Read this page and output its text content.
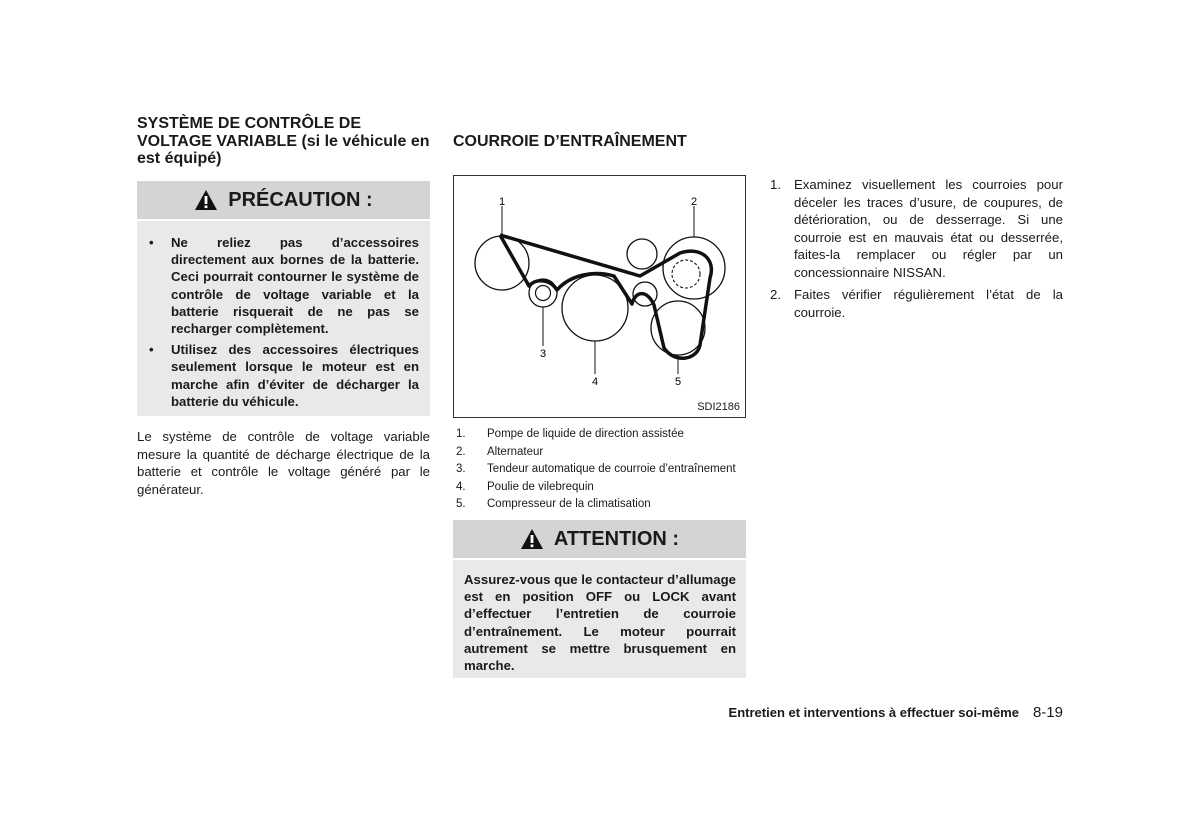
SYSTÈME DE CONTRÔLE DE VOLTAGE VARIABLE (si le véhicule en est équipé)
PRÉCAUTION :
• Ne reliez pas d’accessoires directement aux bornes de la batterie. Ceci pourrait contourner le système de contrôle de voltage variable et la batterie risquerait de ne pas se recharger complètement.
• Utilisez des accessoires électriques seulement lorsque le moteur est en marche afin d’éviter de décharger la batterie du véhicule.

Le système de contrôle de voltage variable mesure la quantité de décharge électrique de la batterie et contrôle le voltage généré par le générateur.

COURROIE D’ENTRAÎNEMENT
1	2
3
4	5
SDI2186
1.	Pompe de liquide de direction assistée
2.	Alternateur
3.	Tendeur automatique de courroie d’entraînement
4.	Poulie de vilebrequin
5.	Compresseur de la climatisation
ATTENTION :

Assurez-vous que le contacteur d’allumage est en position OFF ou LOCK avant d’effectuer l’entretien de courroie d’entraînement. Le moteur pourrait autrement se mettre brusquement en marche.

1. Examinez visuellement les courroies pour déceler les traces d’usure, de coupures, de détérioration, ou de desserrage. Si une courroie est en mauvais état ou desserrée, faites-la remplacer ou régler par un concessionnaire NISSAN.
2. Faites vérifier régulièrement l’état de la courroie.
Entretien et interventions à effectuer soi-même 8-19
